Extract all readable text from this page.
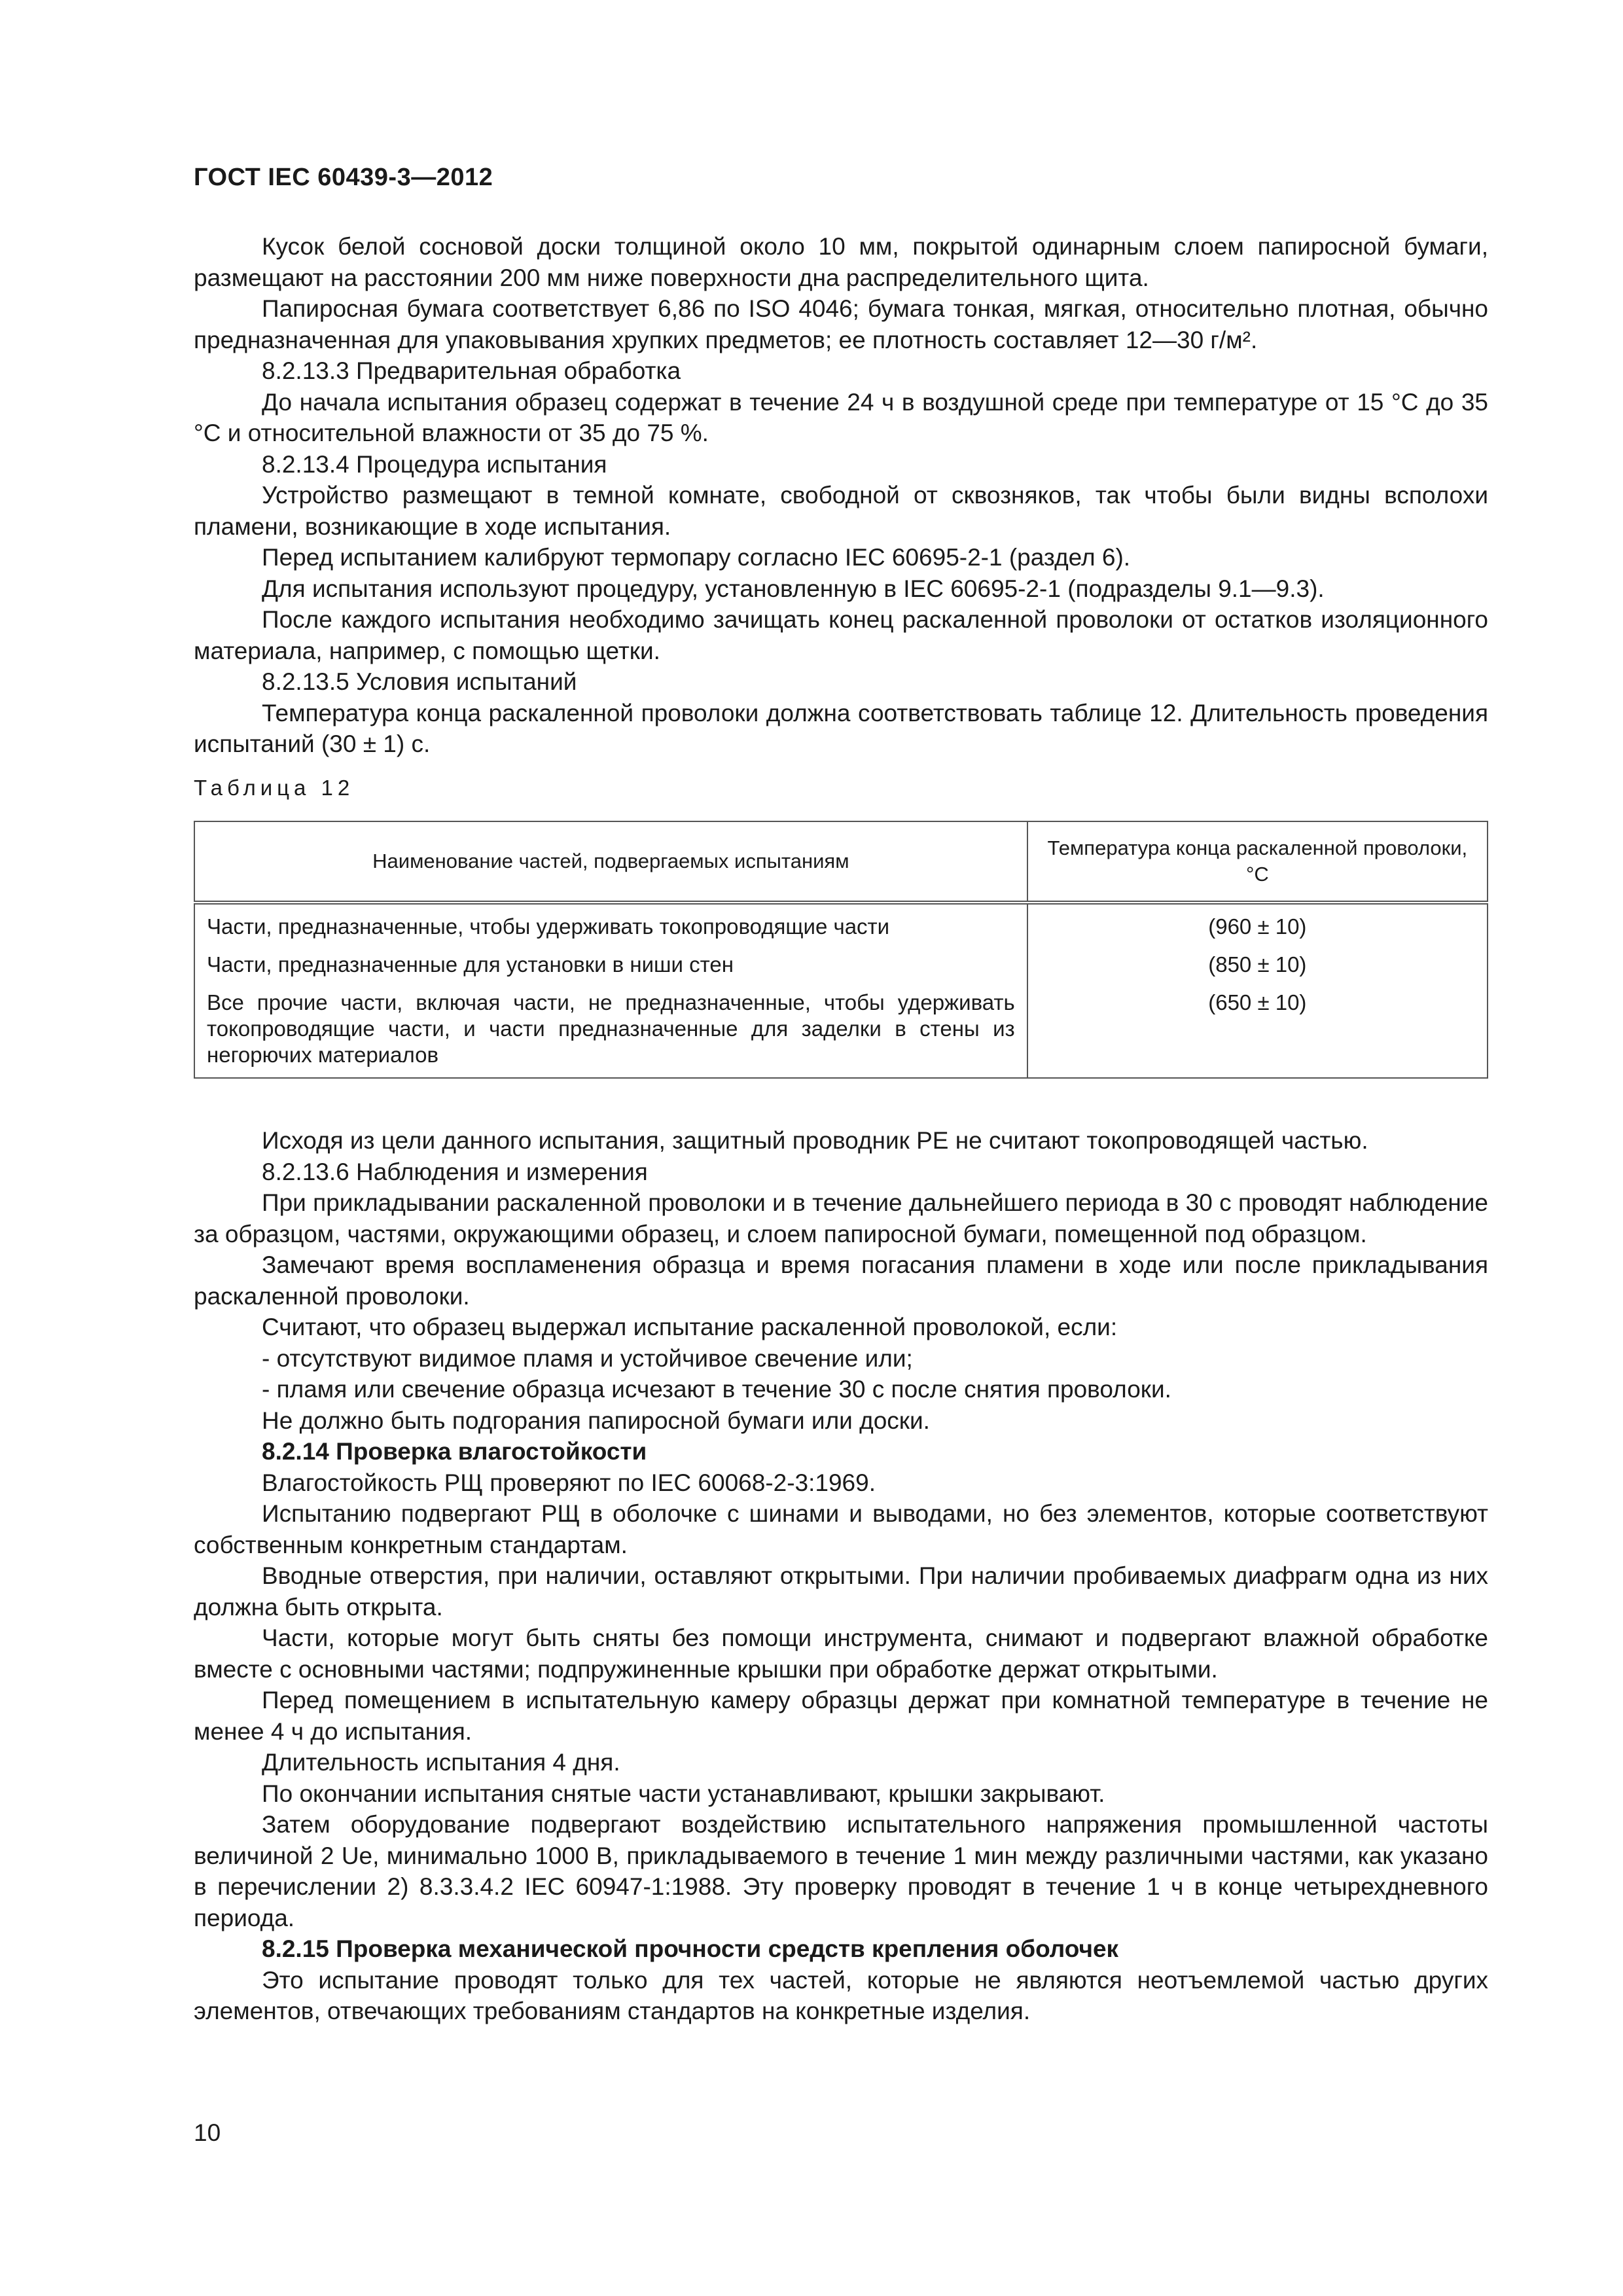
ГОСТ IEC 60439-3—2012

Кусок белой сосновой доски толщиной около 10 мм, покрытой одинарным слоем папиросной бумаги, размещают на расстоянии 200 мм ниже поверхности дна распределительного щита.

Папиросная бумага соответствует 6,86 по ISO 4046; бумага тонкая, мягкая, относительно плотная, обычно предназначенная для упаковывания хрупких предметов; ее плотность составляет 12—30 г/м².

8.2.13.3 Предварительная обработка

До начала испытания образец содержат в течение 24 ч в воздушной среде при температуре от 15 °С до 35 °С и относительной влажности от 35 до 75 %.

8.2.13.4 Процедура испытания

Устройство размещают в темной комнате, свободной от сквозняков, так чтобы были видны всполохи пламени, возникающие в ходе испытания.

Перед испытанием калибруют термопару согласно IEC 60695-2-1 (раздел 6).

Для испытания используют процедуру, установленную в IEC 60695-2-1 (подразделы 9.1—9.3).

После каждого испытания необходимо зачищать конец раскаленной проволоки от остатков изоляционного материала, например, с помощью щетки.

8.2.13.5 Условия испытаний

Температура конца раскаленной проволоки должна соответствовать таблице 12. Длительность проведения испытаний (30 ± 1) с.

Таблица 12
Наименование частей, подвергаемых испытаниям	Температура конца раскаленной проволоки, °С
Части, предназначенные, чтобы удерживать токопроводящие части	(960 ± 10)
Части, предназначенные для установки в ниши стен	(850 ± 10)
Все прочие части, включая части, не предназначенные, чтобы удерживать токопроводящие части, и части предназначенные для заделки в стены из негорючих материалов	(650 ± 10)

Исходя из цели данного испытания, защитный проводник PE не считают токопроводящей частью.

8.2.13.6 Наблюдения и измерения

При прикладывании раскаленной проволоки и в течение дальнейшего периода в 30 с проводят наблюдение за образцом, частями, окружающими образец, и слоем папиросной бумаги, помещенной под образцом.

Замечают время воспламенения образца и время погасания пламени в ходе или после прикладывания раскаленной проволоки.

Считают, что образец выдержал испытание раскаленной проволокой, если:

- отсутствуют видимое пламя и устойчивое свечение или;

- пламя или свечение образца исчезают в течение 30 с после снятия проволоки.

Не должно быть подгорания папиросной бумаги или доски.

8.2.14 Проверка влагостойкости

Влагостойкость РЩ проверяют по IEC 60068-2-3:1969.

Испытанию подвергают РЩ в оболочке с шинами и выводами, но без элементов, которые соответствуют собственным конкретным стандартам.

Вводные отверстия, при наличии, оставляют открытыми. При наличии пробиваемых диафрагм одна из них должна быть открыта.

Части, которые могут быть сняты без помощи инструмента, снимают и подвергают влажной обработке вместе с основными частями; подпружиненные крышки при обработке держат открытыми.

Перед помещением в испытательную камеру образцы держат при комнатной температуре в течение не менее 4 ч до испытания.

Длительность испытания 4 дня.

По окончании испытания снятые части устанавливают, крышки закрывают.

Затем оборудование подвергают воздействию испытательного напряжения промышленной частоты величиной 2 Ue, минимально 1000 В, прикладываемого в течение 1 мин между различными частями, как указано в перечислении 2) 8.3.3.4.2 IEC 60947-1:1988. Эту проверку проводят в течение 1 ч в конце четырехдневного периода.

8.2.15 Проверка механической прочности средств крепления оболочек

Это испытание проводят только для тех частей, которые не являются неотъемлемой частью других элементов, отвечающих требованиям стандартов на конкретные изделия.

10
